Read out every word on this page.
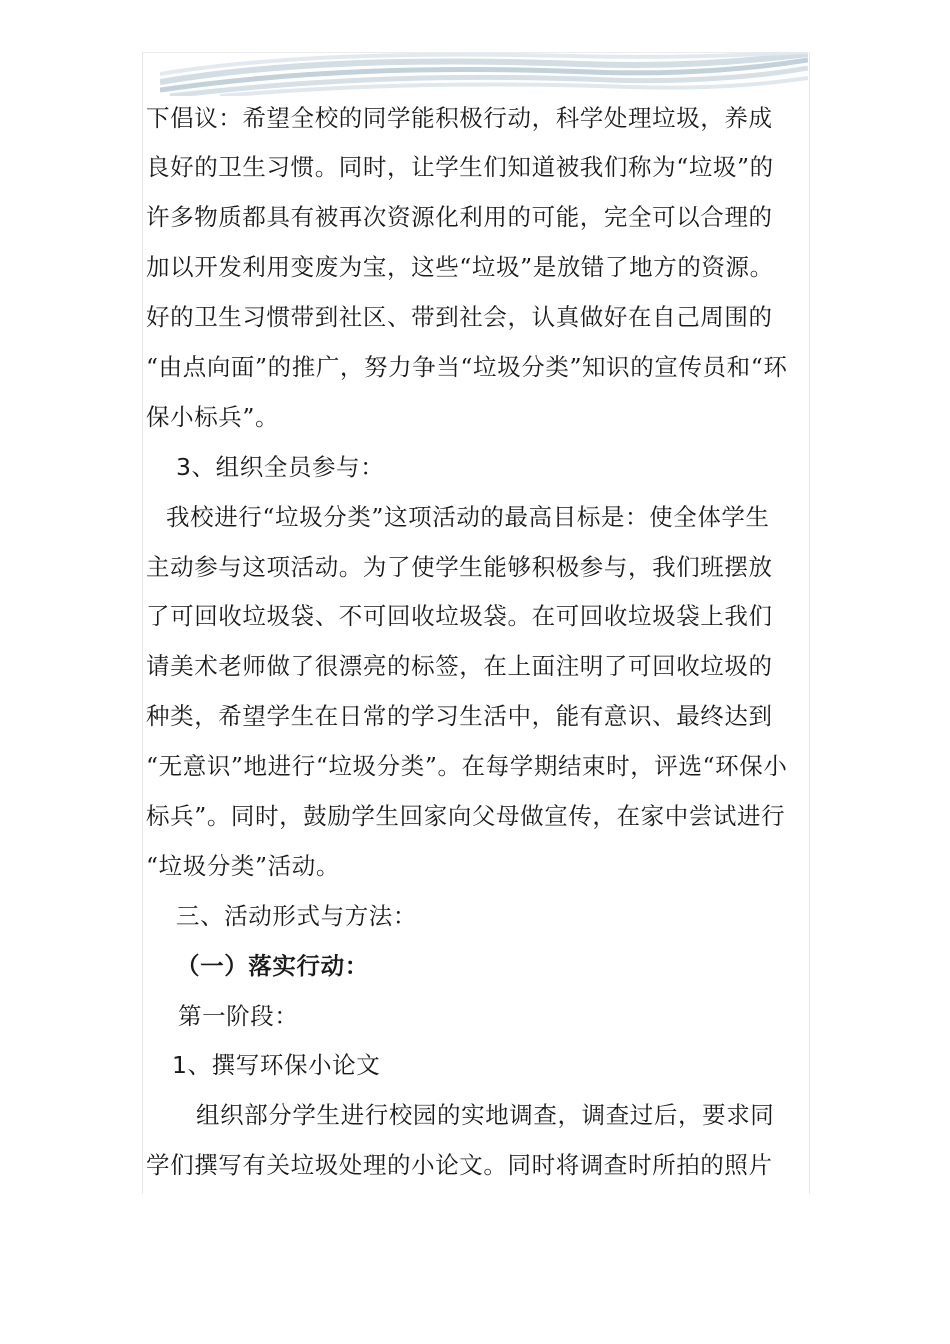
下倡议：希望全校的同学能积极行动，科学处理垃圾，养成
良好的卫生习惯。同时，让学生们知道被我们称为“垃圾”的
许多物质都具有被再次资源化利用的可能，完全可以合理的
加以开发利用变废为宝，这些“垃圾”是放错了地方的资源。
好的卫生习惯带到社区、带到社会，认真做好在自己周围的
“由点向面”的推广，努力争当“垃圾分类”知识的宣传员和“环
保小标兵”。
3、组织全员参与：
我校进行“垃圾分类”这项活动的最高目标是：使全体学生
主动参与这项活动。为了使学生能够积极参与，我们班摆放
了可回收垃圾袋、不可回收垃圾袋。在可回收垃圾袋上我们
请美术老师做了很漂亮的标签，在上面注明了可回收垃圾的
种类，希望学生在日常的学习生活中，能有意识、最终达到
“无意识”地进行“垃圾分类”。在每学期结束时，评选“环保小
标兵”。同时，鼓励学生回家向父母做宣传，在家中尝试进行
“垃圾分类”活动。
三、活动形式与方法：
（一）落实行动：
第一阶段：
1、撰写环保小论文
组织部分学生进行校园的实地调查，调查过后，要求同
学们撰写有关垃圾处理的小论文。同时将调查时所拍的照片
